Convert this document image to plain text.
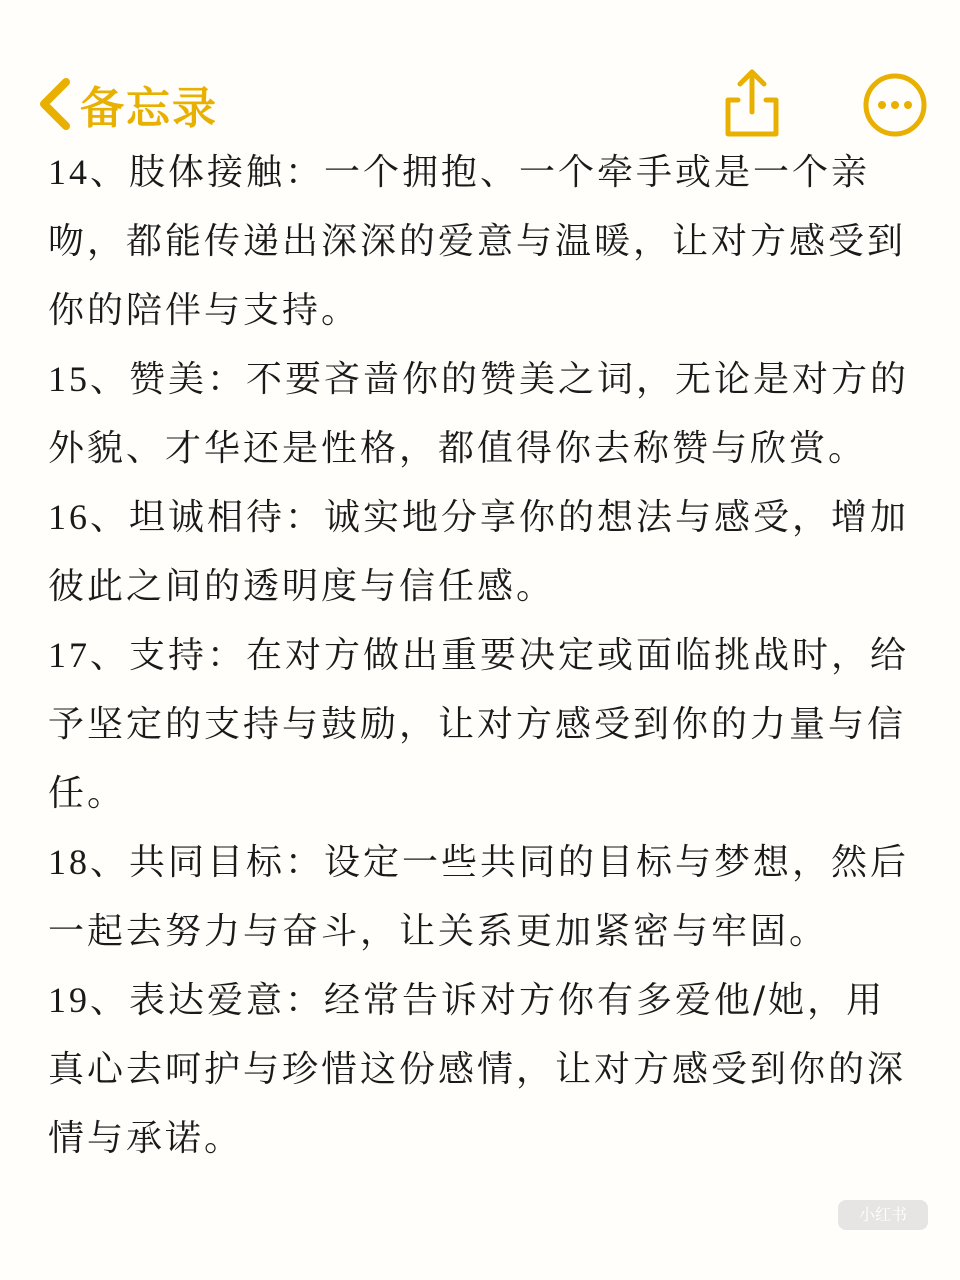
备忘录

14、肢体接触：一个拥抱、一个牵手或是一个亲吻，都能传递出深深的爱意与温暖，让对方感受到你的陪伴与支持。

15、赞美：不要吝啬你的赞美之词，无论是对方的外貌、才华还是性格，都值得你去称赞与欣赏。

16、坦诚相待：诚实地分享你的想法与感受，增加彼此之间的透明度与信任感。

17、支持：在对方做出重要决定或面临挑战时，给予坚定的支持与鼓励，让对方感受到你的力量与信任。

18、共同目标：设定一些共同的目标与梦想，然后一起去努力与奋斗，让关系更加紧密与牢固。

19、表达爱意：经常告诉对方你有多爱他/她，用真心去呵护与珍惜这份感情，让对方感受到你的深情与承诺。

小红书
